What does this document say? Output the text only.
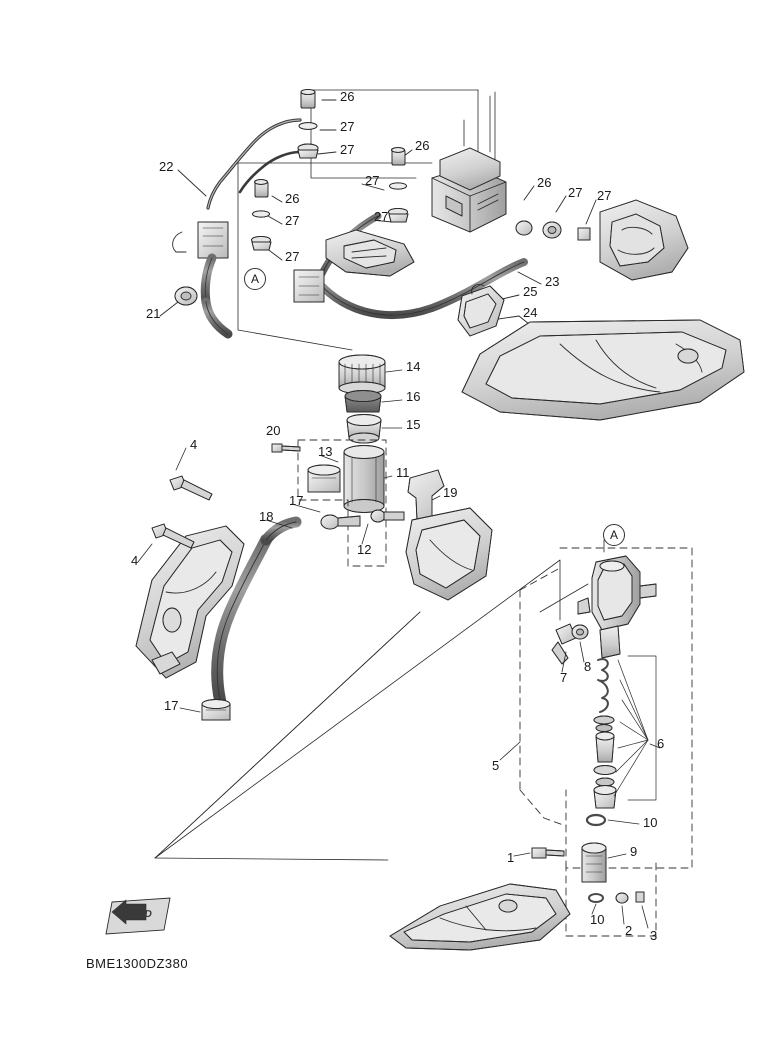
26
27
27	26
22
26
27	26
27 27
27	27
27
23
25
24
21
14
16
15
20
13
11
4
19
17
18
12
4
7
8
6
5
17
10
9
1
10
2 3
A
A
FWD
BME1300DZ380
